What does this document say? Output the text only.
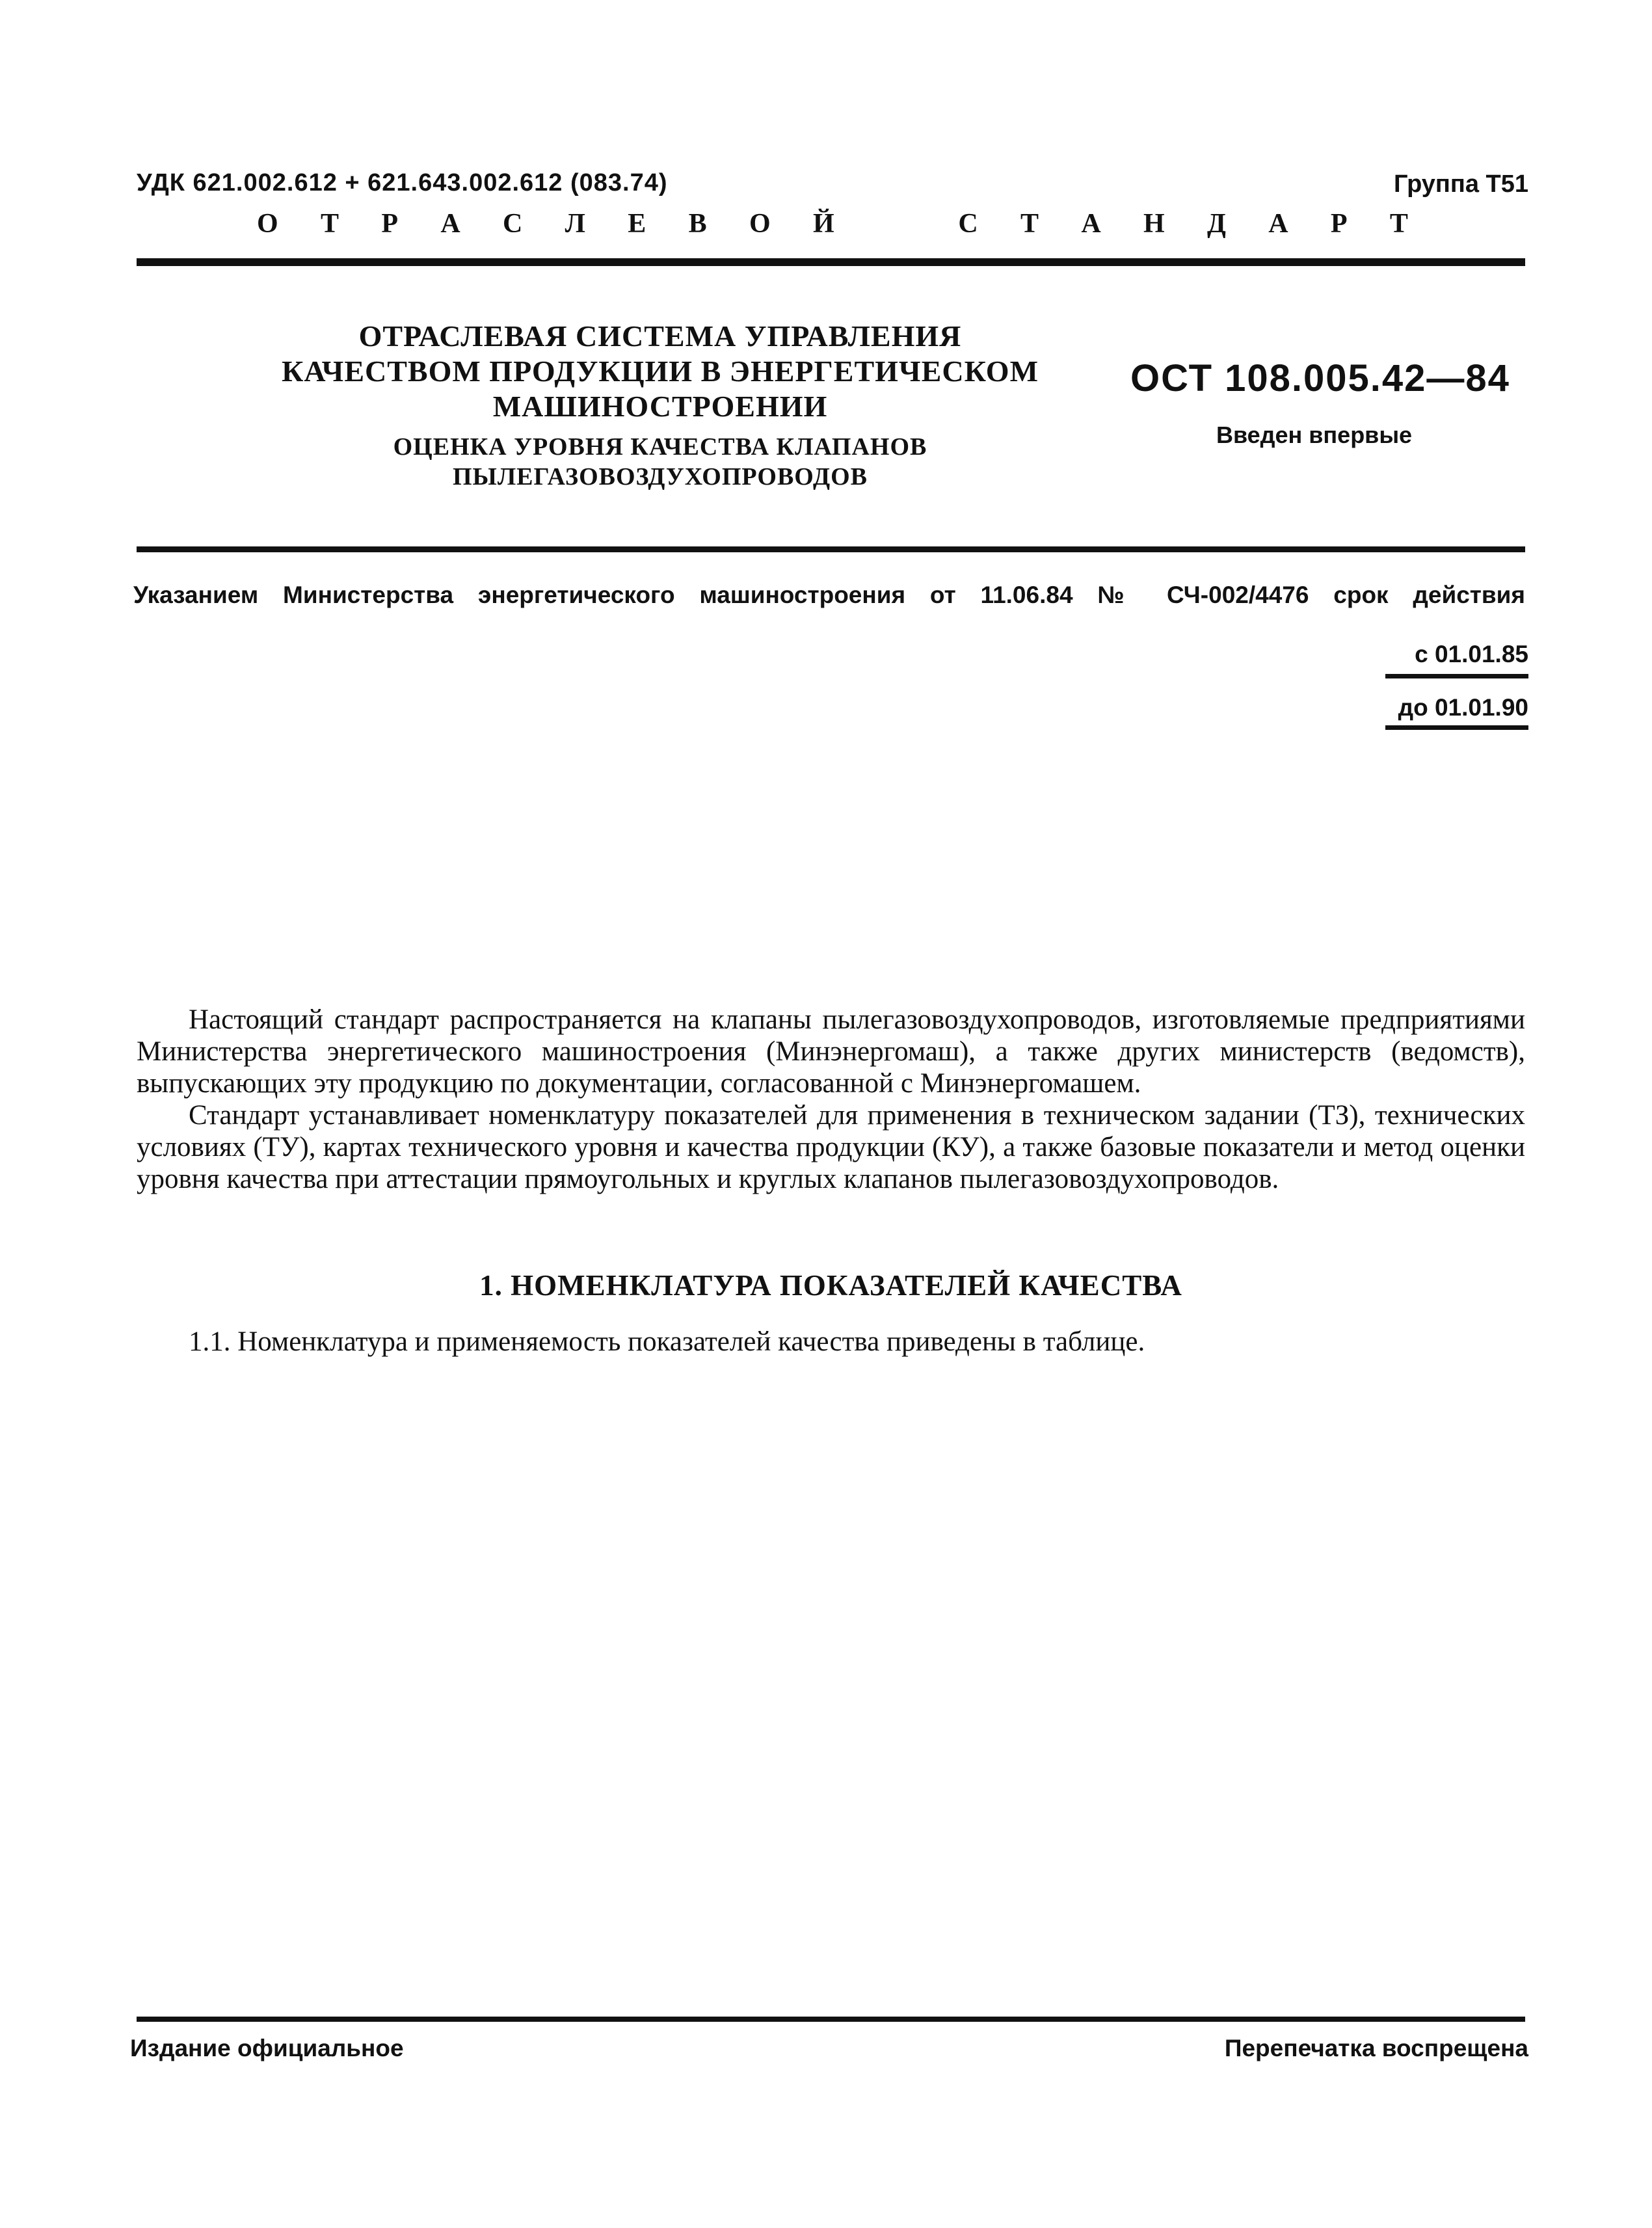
УДК 621.002.612 + 621.643.002.612 (083.74)	Группа Т51
О Т Р А С Л Е В О Й	С Т А Н Д А Р Т
ОТРАСЛЕВАЯ СИСТЕМА УПРАВЛЕНИЯ
КАЧЕСТВОМ ПРОДУКЦИИ В ЭНЕРГЕТИЧЕСКОМ
МАШИНОСТРОЕНИИ
ОЦЕНКА УРОВНЯ КАЧЕСТВА КЛАПАНОВ
ПЫЛЕГАЗОВОЗДУХОПРОВОДОВ
ОСТ 108.005.42—84
Введен впервые
Указанием Министерства энергетического машиностроения от 11.06.84 № СЧ-002/4476 срок действия
с 01.01.85
до 01.01.90

Настоящий стандарт распространяется на клапаны пылегазовоздухопроводов, изготовляемые предприятиями Министерства энергетического машиностроения (Минэнергомаш), а также других министерств (ведомств), выпускающих эту продукцию по документации, согласованной с Минэнергомашем.

Стандарт устанавливает номенклатуру показателей для применения в техническом задании (ТЗ), технических условиях (ТУ), картах технического уровня и качества продукции (КУ), а также базовые показатели и метод оценки уровня качества при аттестации прямоугольных и круглых клапанов пылегазовоздухопроводов.

1. НОМЕНКЛАТУРА ПОКАЗАТЕЛЕЙ КАЧЕСТВА
1.1. Номенклатура и применяемость показателей качества приведены в таблице.
Издание официальное	Перепечатка воспрещена
